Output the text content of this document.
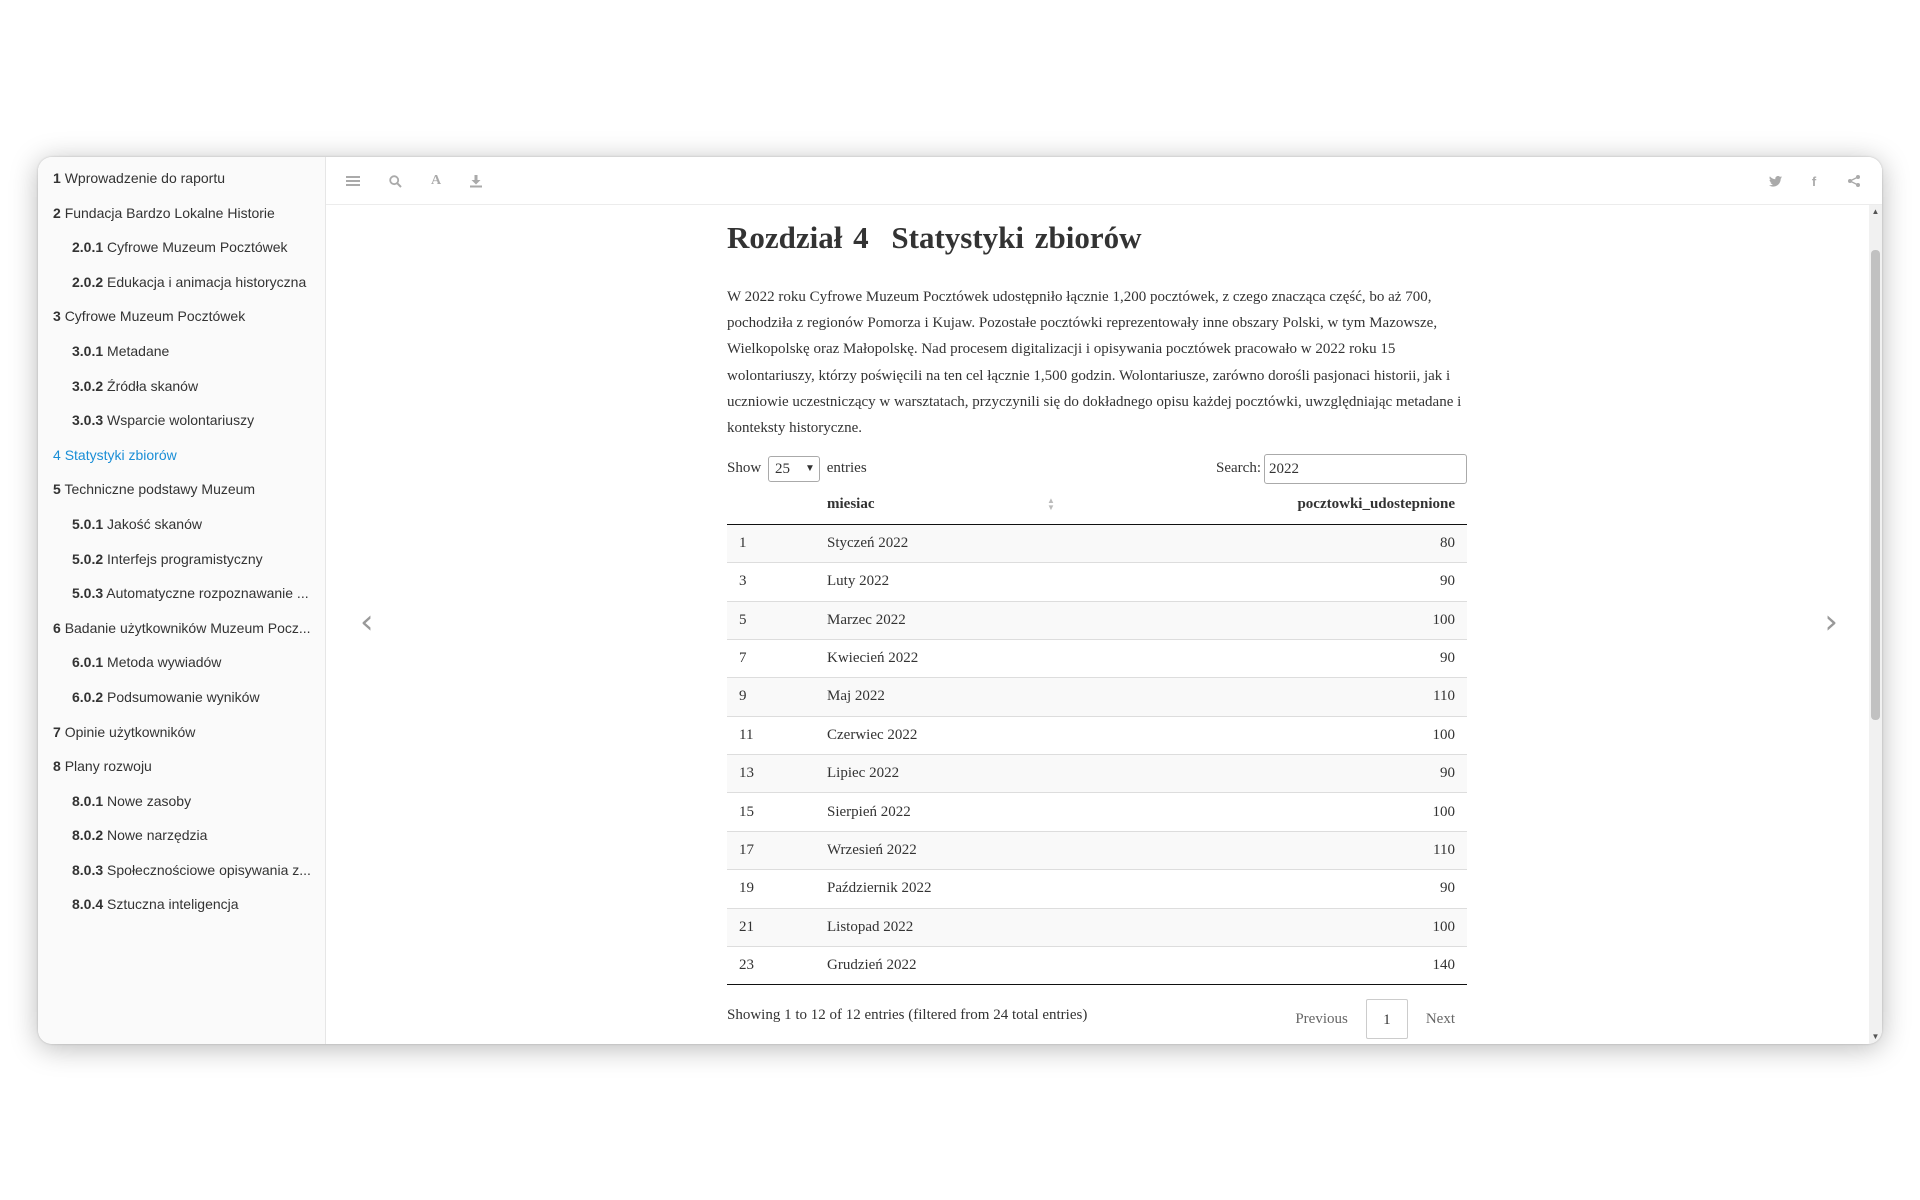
1 Wprowadzenie do raportu
2 Fundacja Bardzo Lokalne Historie
2.0.1 Cyfrowe Muzeum Pocztówek
2.0.2 Edukacja i animacja historyczna
3 Cyfrowe Muzeum Pocztówek
3.0.1 Metadane
3.0.2 Źródła skanów
3.0.3 Wsparcie wolontariuszy
4 Statystyki zbiorów
5 Techniczne podstawy Muzeum
5.0.1 Jakość skanów
5.0.2 Interfejs programistyczny
5.0.3 Automatyczne rozpoznawanie ...
6 Badanie użytkowników Muzeum Pocz...
6.0.1 Metoda wywiadów
6.0.2 Podsumowanie wyników
7 Opinie użytkowników
8 Plany rozwoju
8.0.1 Nowe zasoby
8.0.2 Nowe narzędzia
8.0.3 Społecznościowe opisywania z...
8.0.4 Sztuczna inteligencja
A	f
‹	›
Rozdział 4 Statystyki zbiorów

W 2022 roku Cyfrowe Muzeum Pocztówek udostępniło łącznie 1,200 pocztówek, z czego znacząca część, bo aż 700, pochodziła z regionów Pomorza i Kujaw. Pozostałe pocztówki reprezentowały inne obszary Polski, w tym Mazowsze, Wielkopolskę oraz Małopolskę. Nad procesem digitalizacji i opisywania pocztówek pracowało w 2022 roku 15 wolontariuszy, którzy poświęcili na ten cel łącznie 1,500 godzin. Wolontariusze, zarówno dorośli pasjonaci historii, jak i uczniowie uczestniczący w warsztatach, przyczynili się do dokładnego opisu każdej pocztówki, uwzględniając metadane i konteksty historyczne.

Show 25 ▼ entries	Search: 2022
	miesiac ▲
▼	pocztowki_udostepnione
1	Styczeń 2022	80
3	Luty 2022	90
5	Marzec 2022	100
7	Kwiecień 2022	90
9	Maj 2022	110
11	Czerwiec 2022	100
13	Lipiec 2022	90
15	Sierpień 2022	100
17	Wrzesień 2022	110
19	Październik 2022	90
21	Listopad 2022	100
23	Grudzień 2022	140
Showing 1 to 12 of 12 entries (filtered from 24 total entries)	Previous	1	Next
▲
▼
